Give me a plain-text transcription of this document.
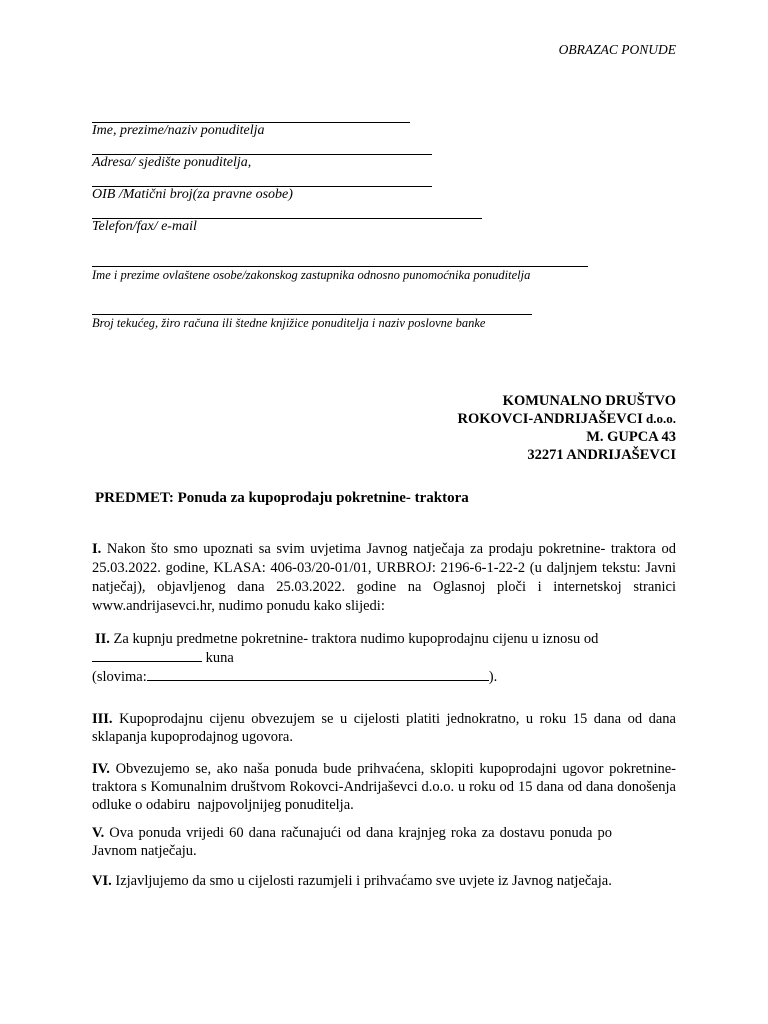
OBRAZAC PONUDE
Ime, prezime/naziv ponuditelja
Adresa/ sjedište ponuditelja,
OIB /Matični broj(za pravne osobe)
Telefon/fax/ e-mail
Ime i prezime ovlaštene osobe/zakonskog zastupnika odnosno punomoćnika ponuditelja
Broj tekućeg, žiro računa ili štedne knjižice ponuditelja i naziv poslovne banke
KOMUNALNO DRUŠTVO
ROKOVCI-ANDRIJAŠEVCI d.o.o.
M. GUPCA 43
32271 ANDRIJAŠEVCI
PREDMET: Ponuda za kupoprodaju pokretnine- traktora
I. Nakon što smo upoznati sa svim uvjetima Javnog natječaja za prodaju pokretnine- traktora od 25.03.2022. godine, KLASA: 406-03/20-01/01, URBROJ: 2196-6-1-22-2 (u daljnjem tekstu: Javni natječaj), objavljenog dana 25.03.2022. godine na Oglasnoj ploči i internetskoj stranici www.andrijasevci.hr, nudimo ponudu kako slijedi:
II. Za kupnju predmetne pokretnine- traktora nudimo kupoprodajnu cijenu u iznosu od
kuna
(slovima:	).
III. Kupoprodajnu cijenu obvezujem se u cijelosti platiti jednokratno, u roku 15 dana od dana sklapanja kupoprodajnog ugovora.
IV. Obvezujemo se, ako naša ponuda bude prihvaćena, sklopiti kupoprodajni ugovor pokretnine- traktora s Komunalnim društvom Rokovci-Andrijaševci d.o.o. u roku od 15 dana od dana donošenja        odluke o odabiru  najpovoljnijeg ponuditelja.
V. Ova ponuda vrijedi 60 dana računajući od dana krajnjeg roka za dostavu ponuda po Javnom natječaju.
VI. Izjavljujemo da smo u cijelosti razumjeli i prihvaćamo sve uvjete iz Javnog natječaja.
